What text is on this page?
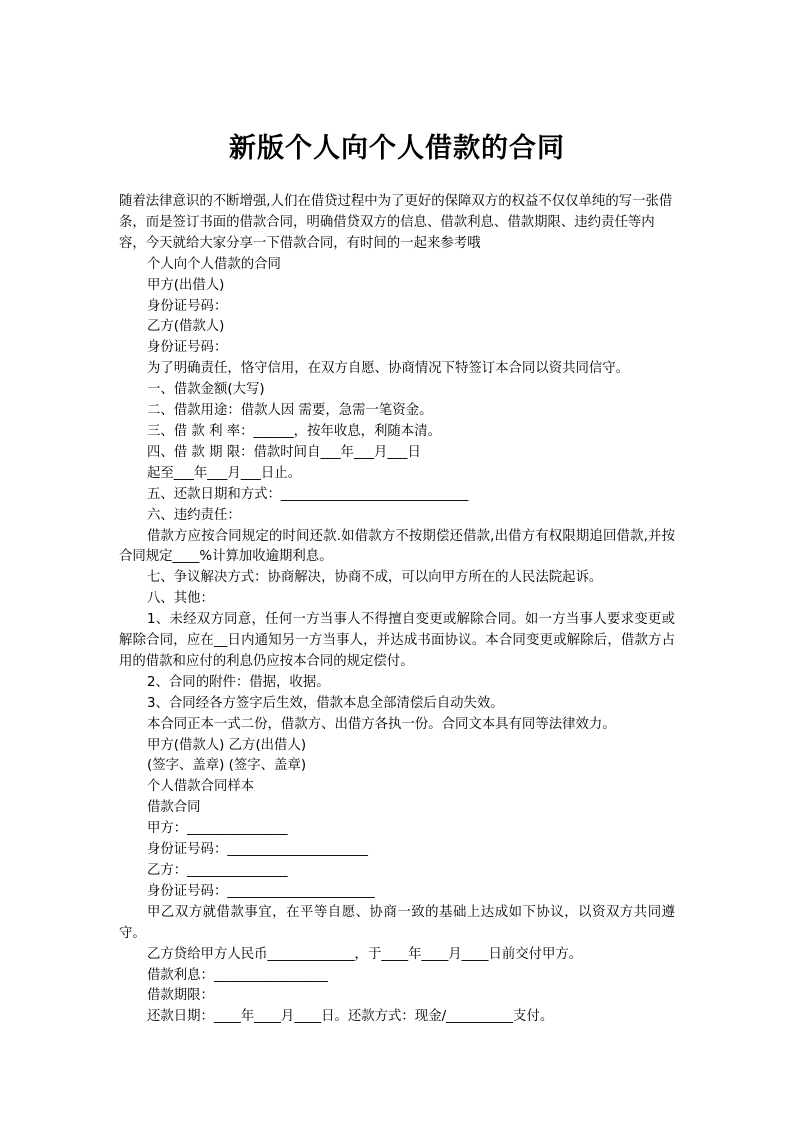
新版个人向个人借款的合同

随着法律意识的不断增强,人们在借贷过程中为了更好的保障双方的权益不仅仅单纯的写一张借条，而是签订书面的借款合同，明确借贷双方的信息、借款利息、借款期限、违约责任等内容，今天就给大家分享一下借款合同，有时间的一起来参考哦

个人向个人借款的合同

甲方(出借人)

身份证号码：

乙方(借款人)

身份证号码：

为了明确责任，恪守信用，在双方自愿、协商情况下特签订本合同以资共同信守。

一、借款金额(大写)

二、借款用途：借款人因 需要，急需一笔资金。

三、借 款 利 率：______，按年收息，利随本清。

四、借 款 期 限：借款时间自___年___月___日

起至___年___月___日止。

五、还款日期和方式：____________________________

六、违约责任：

借款方应按合同规定的时间还款.如借款方不按期偿还借款,出借方有权限期追回借款,并按合同规定____%计算加收逾期利息。

七、争议解决方式：协商解决，协商不成，可以向甲方所在的人民法院起诉。

八、其他：

1、未经双方同意，任何一方当事人不得擅自变更或解除合同。如一方当事人要求变更或解除合同，应在__日内通知另一方当事人，并达成书面协议。本合同变更或解除后，借款方占用的借款和应付的利息仍应按本合同的规定偿付。

2、合同的附件：借据，收据。

3、合同经各方签字后生效，借款本息全部清偿后自动失效。

本合同正本一式二份，借款方、出借方各执一份。合同文本具有同等法律效力。

甲方(借款人) 乙方(出借人)

(签字、盖章) (签字、盖章)

个人借款合同样本

借款合同

甲方：_______________

身份证号码：_____________________

乙方：_______________

身份证号码：______________________

甲乙双方就借款事宜，在平等自愿、协商一致的基础上达成如下协议，以资双方共同遵守。

乙方贷给甲方人民币_____________，于____年____月____日前交付甲方。

借款利息：_________________

借款期限：

还款日期：____年____月____日。还款方式：现金/__________支付。
